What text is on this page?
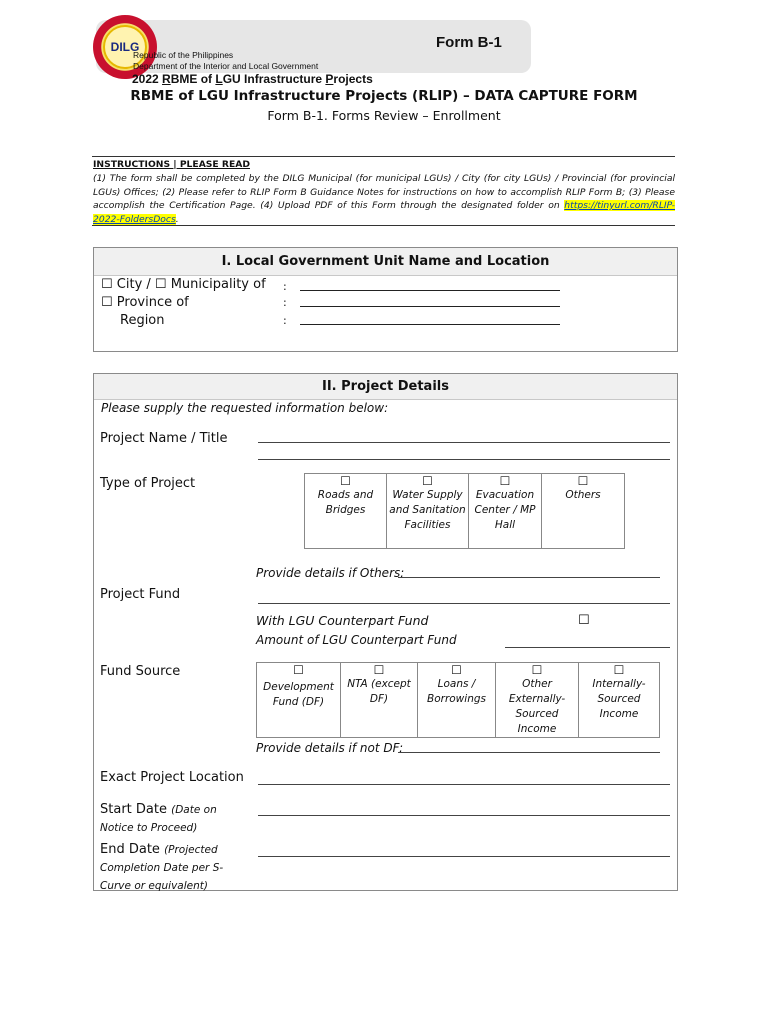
Form B-1
DILG
Republic of the Philippines
Department of the Interior and Local Government
2022 RBME of LGU Infrastructure Projects
RBME of LGU Infrastructure Projects (RLIP) – DATA CAPTURE FORM
Form B-1. Forms Review – Enrollment
INSTRUCTIONS | PLEASE READ
(1) The form shall be completed by the DILG Municipal (for municipal LGUs) / City (for city LGUs) / Provincial (for provincial LGUs) Offices; (2) Please refer to RLIP Form B Guidance Notes for instructions on how to accomplish RLIP Form B; (3) Please accomplish the Certification Page. (4) Upload PDF of this Form through the designated folder on https://tinyurl.com/RLIP-2022-FoldersDocs.
I. Local Government Unit Name and Location
☐ City / ☐ Municipality of
☐ Province of
Region
:
:
:
II. Project Details
Please supply the requested information below:
Project Name / Title
Type of Project	☐
Roads and Bridges	
☐
Water Supply and Sanitation Facilities	
☐
Evacuation Center / MP Hall	
☐
Others
Provide details if Others:
Project Fund
With LGU Counterpart Fund	☐
Amount of LGU Counterpart Fund
Fund Source	☐
Development Fund (DF)

☐
NTA (except DF)	
☐
Loans / Borrowings	
☐
Other Externally-Sourced Income	
☐
Internally-Sourced Income
Provide details if not DF:
Exact Project Location
Start Date (Date on Notice to Proceed)
End Date (Projected Completion Date per S-Curve or equivalent)
